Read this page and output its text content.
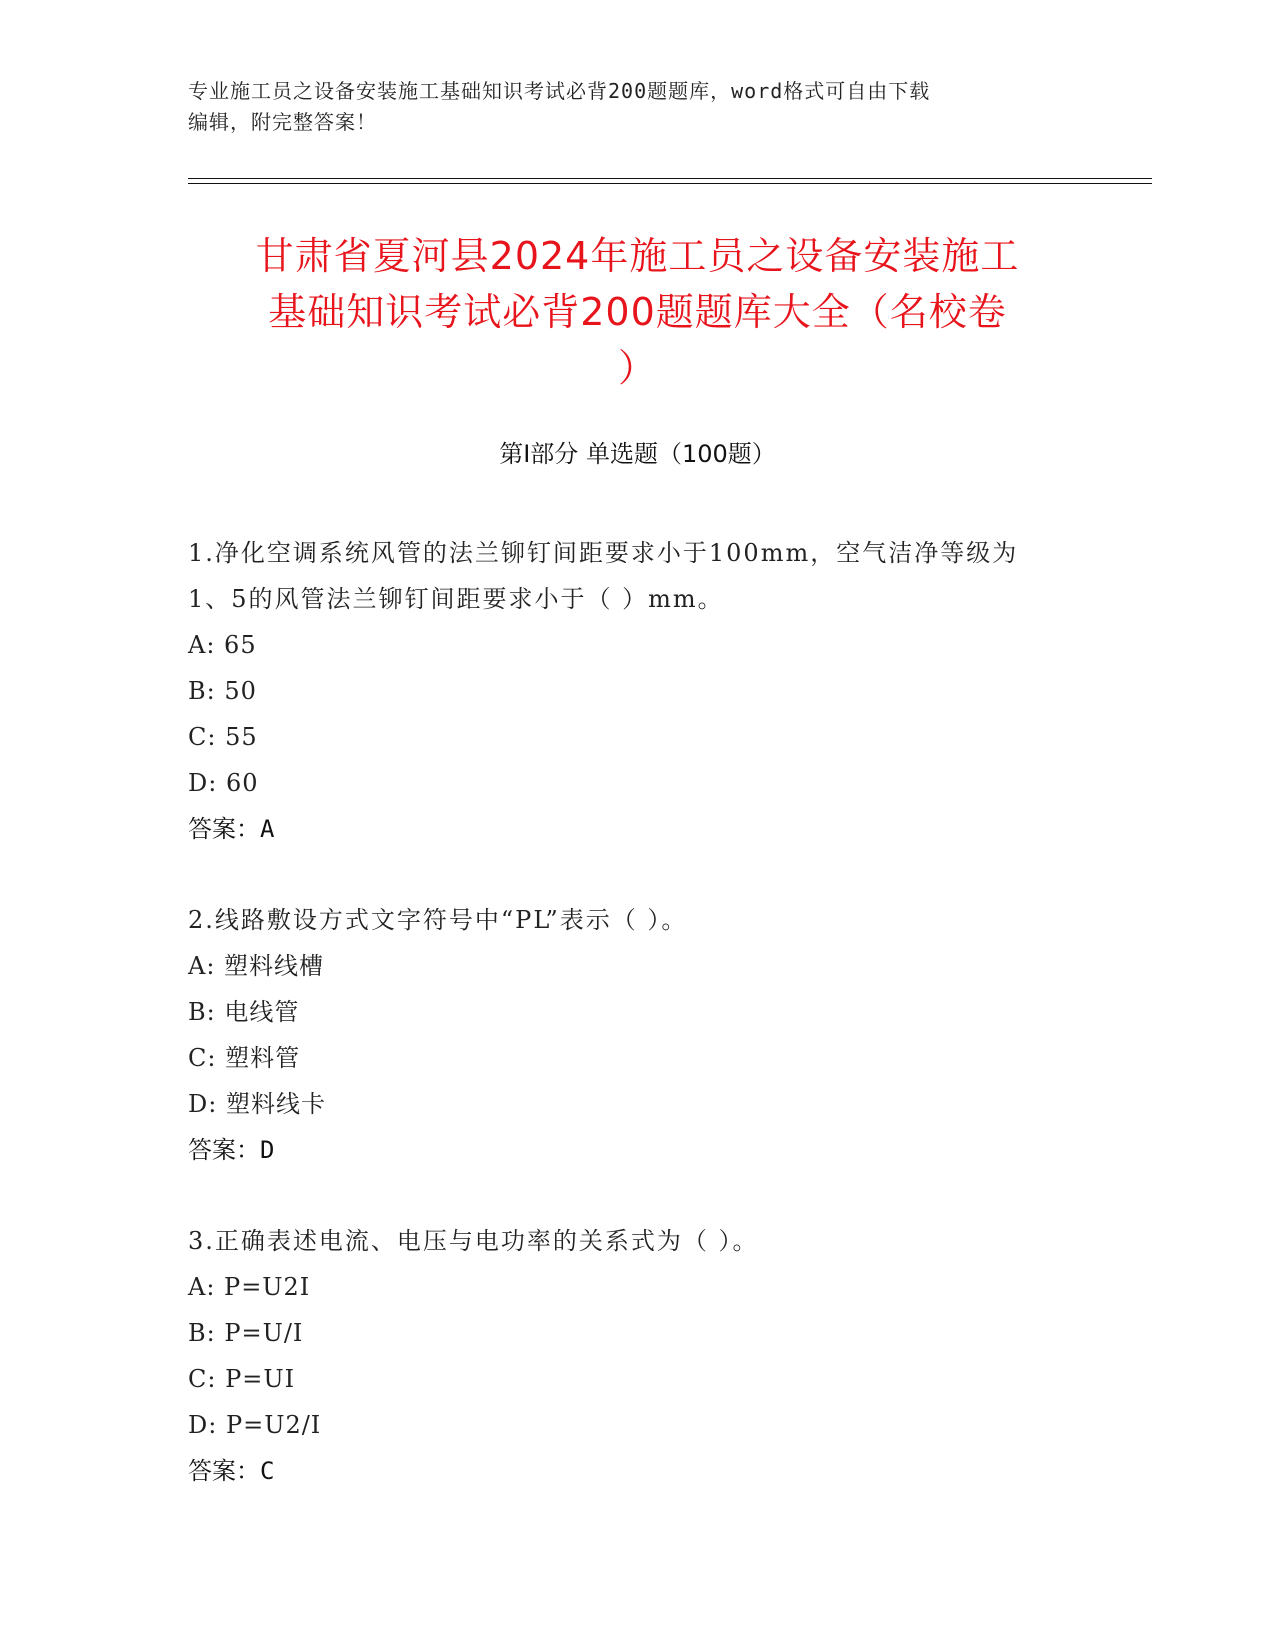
专业施工员之设备安装施工基础知识考试必背200题题库，word格式可自由下载
编辑，附完整答案！
甘肃省夏河县2024年施工员之设备安装施工
基础知识考试必背200题题库大全（名校卷
）
第Ⅰ部分 单选题（100题）
1.净化空调系统风管的法兰铆钉间距要求小于100mm，空气洁净等级为
1、5的风管法兰铆钉间距要求小于（ ）mm。
A: 65
B: 50
C: 55
D: 60
答案：A
2.线路敷设方式文字符号中“PL”表示（ ）。
A: 塑料线槽
B: 电线管
C: 塑料管
D: 塑料线卡
答案：D
3.正确表述电流、电压与电功率的关系式为（ ）。
A: P=U2I
B: P=U/I
C: P=UI
D: P=U2/I
答案：C
